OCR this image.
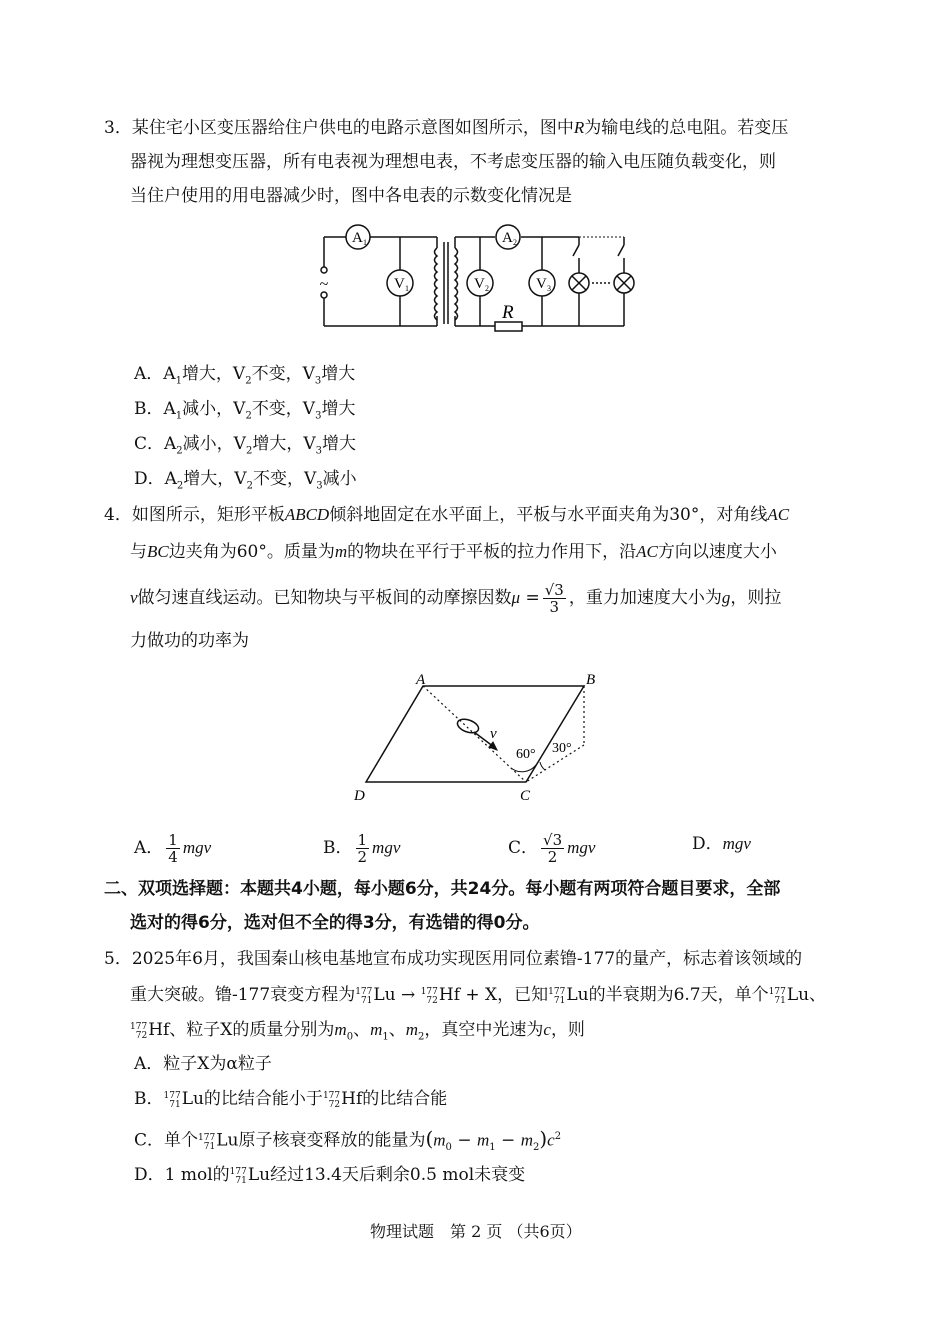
3．某住宅小区变压器给住户供电的电路示意图如图所示，图中R为输电线的总电阻。若变压
器视为理想变压器，所有电表视为理想电表，不考虑变压器的输入电压随负载变化，则
当住户使用的用电器减少时，图中各电表的示数变化情况是
~
A 1	A 2
V 1	V 2	V 3
R
A．$A_1$增大，$V_2$不变，$V_3$增大
B．$A_1$减小，$V_2$不变，$V_3$增大
C．$A_2$减小，$V_2$增大，$V_3$增大
D．$A_2$增大，$V_2$不变，$V_3$减小
4．如图所示，矩形平板ABCD倾斜地固定在水平面上，平板与水平面夹角为30°，对角线AC
与BC边夹角为60°。质量为m的物块在平行于平板的拉力作用下，沿AC方向以速度大小
v做匀速直线运动。已知物块与平板间的动摩擦因数$\mu = \frac{√3}{3}$ ，重力加速度大小为g，则拉
力做功的功率为
A	B
C
D
v
60° 30°
A． $\frac{1}{4}$ mgv	B． $\frac{1}{2}$ mgv	C． $\frac{√3}{2}$ mgv	D．mgv
二、双项选择题：本题共4小题，每小题6分，共24分。每小题有两项符合题目要求，全部
选对的得6分，选对但不全的得3分，有选错的得0分。
5．2025年6月，我国秦山核电基地宣布成功实现医用同位素镥-177的量产，标志着该领域的
重大突破。镥-177衰变方程为 177
71 Lu → 177
72 Hf + X，已知 177
71 Lu的半衰期为6.7天，单个 177
71 Lu、
177
72 Hf、粒子X的质量分别为$m_0$、$m_1$、$m_2$，真空中光速为c，则
A．粒子X为α粒子
B． 177
71 Lu的比结合能小于 177
72 Hf的比结合能
C．单个 177
71 Lu原子核衰变释放的能量为$(m_0 - m_1 - m_2)c^2$
D．1 mol的 177
71 Lu经过13.4天后剩余0.5 mol未衰变
物理试题　第 2 页 （共6页）
